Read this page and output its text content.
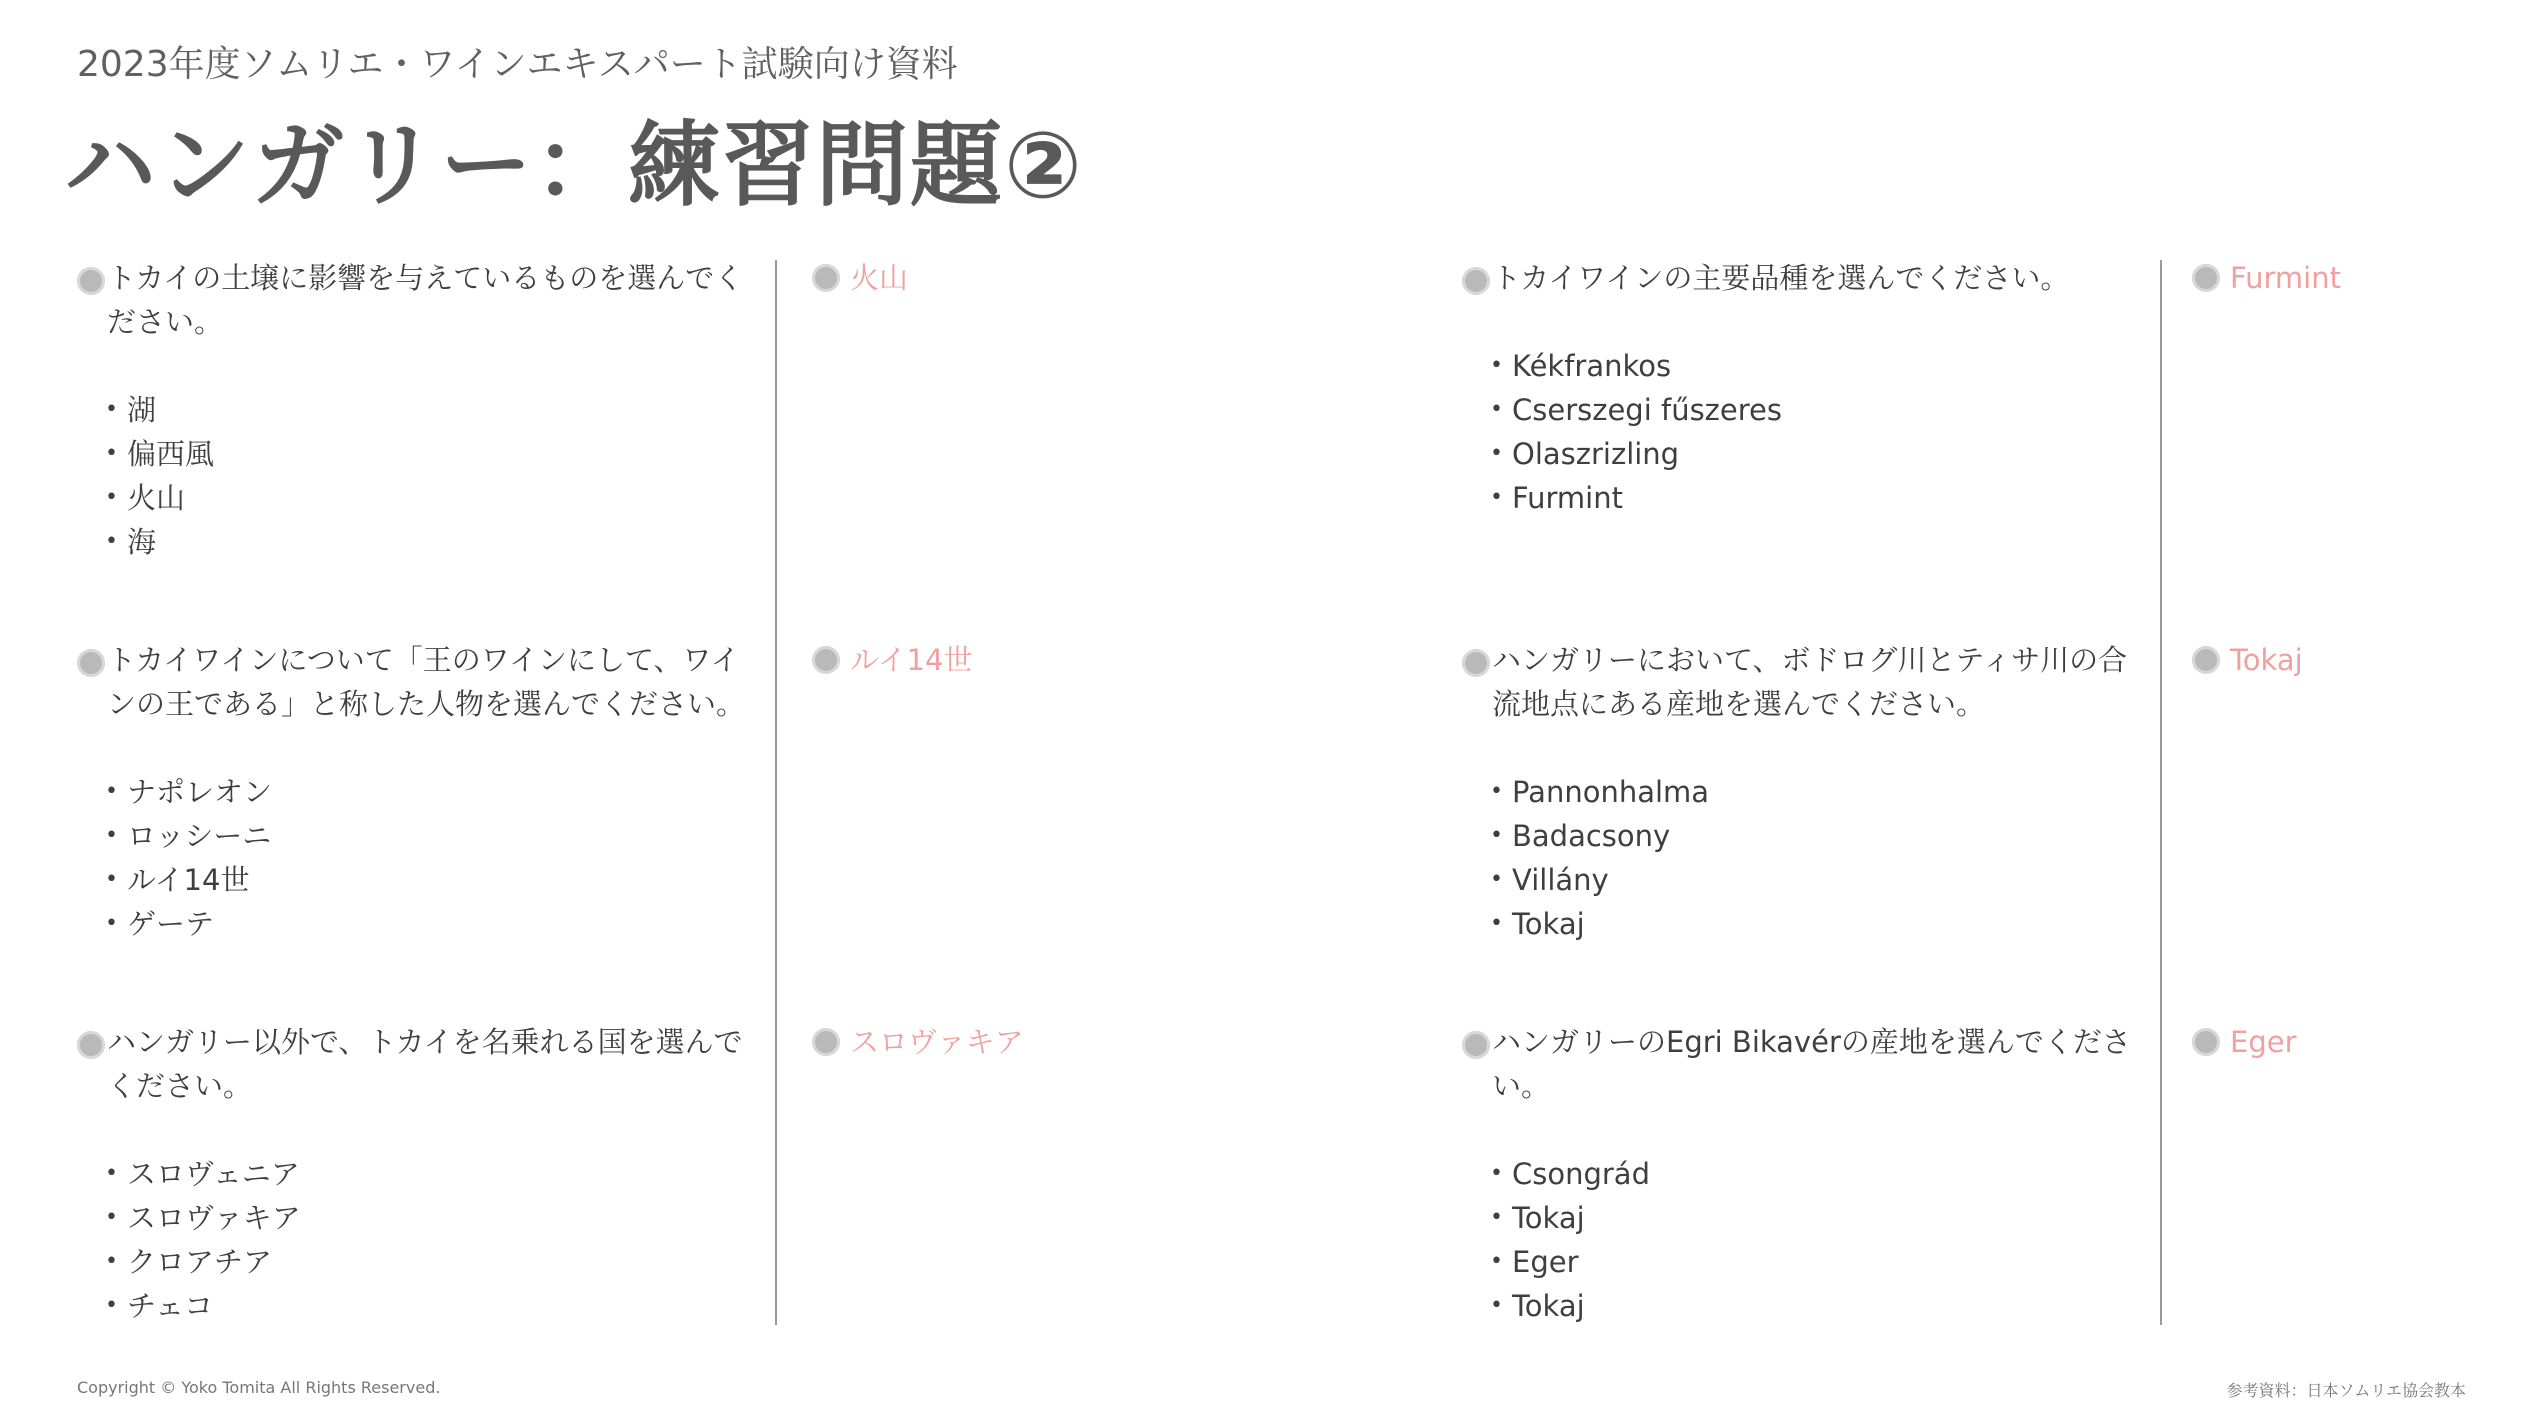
2023年度ソムリエ・ワインエキスパート試験向け資料
ハンガリー：練習問題②
トカイの土壌に影響を与えているものを選んでください。
• 湖
• 偏西風
• 火山
• 海
火山
トカイワインについて「王のワインにして、ワインの王である」と称した人物を選んでください。
• ナポレオン
• ロッシーニ
• ルイ14世
• ゲーテ
ルイ14世
ハンガリー以外で、トカイを名乗れる国を選んでください。
• スロヴェニア
• スロヴァキア
• クロアチア
• チェコ
スロヴァキア
トカイワインの主要品種を選んでください。
• Kékfrankos
• Cserszegi fűszeres
• Olaszrizling
• Furmint
Furmint
ハンガリーにおいて、ボドログ川とティサ川の合流地点にある産地を選んでください。
• Pannonhalma
• Badacsony
• Villány
• Tokaj
Tokaj
ハンガリーのEgri Bikavérの産地を選んでください。
• Csongrád
• Tokaj
• Eger
• Tokaj
Eger
Copyright © Yoko Tomita All Rights Reserved.	参考資料：日本ソムリエ協会教本
